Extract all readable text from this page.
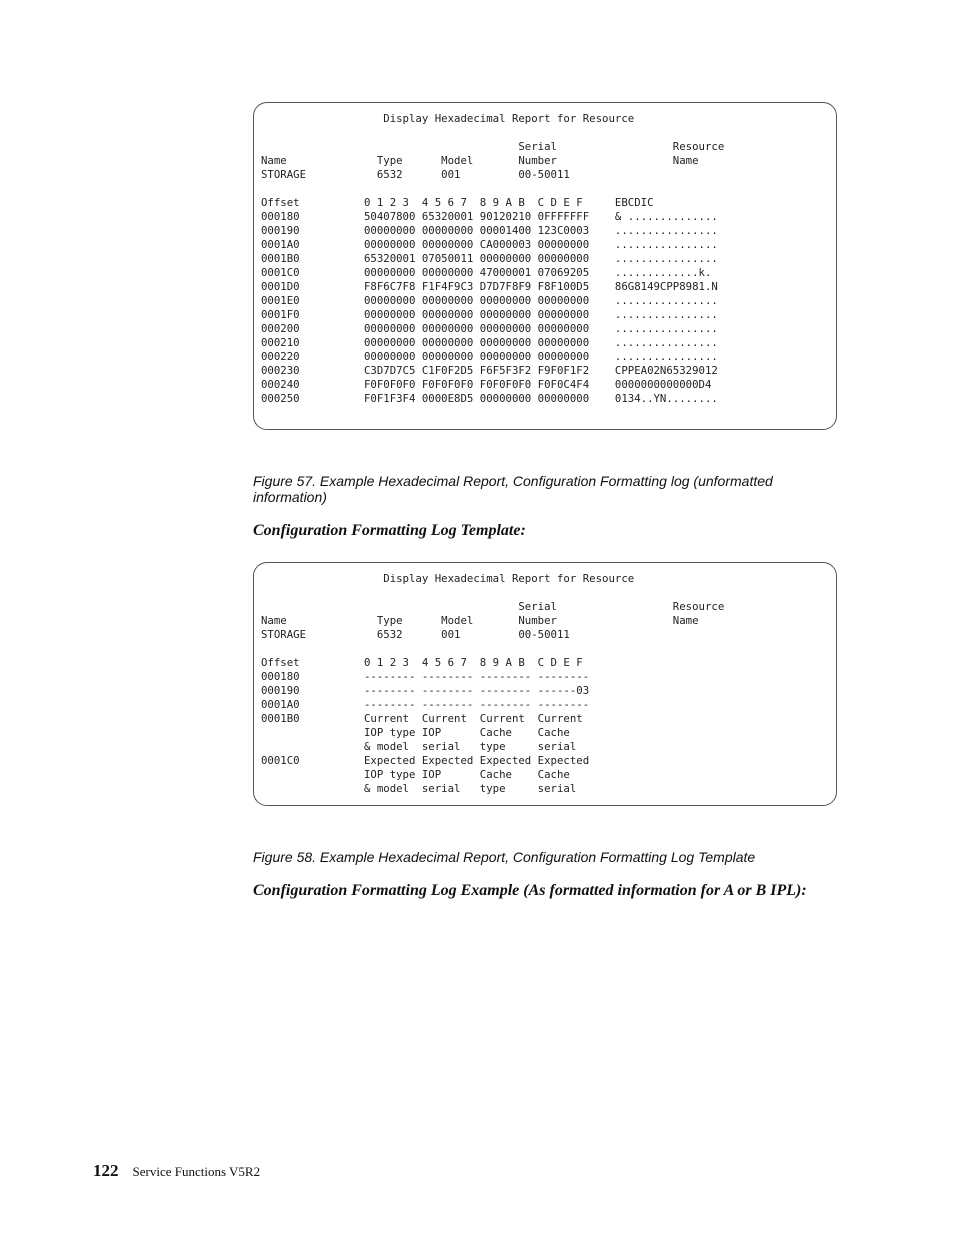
Display Hexadecimal Report for Resource

Serial                  Resource
Name              Type      Model       Number                  Name
STORAGE           6532      001         00-50011

Offset          0 1 2 3  4 5 6 7  8 9 A B  C D E F     EBCDIC
000180          50407800 65320001 90120210 0FFFFFFF    & ..............
000190          00000000 00000000 00001400 123C0003    ................
0001A0          00000000 00000000 CA000003 00000000    ................
0001B0          65320001 07050011 00000000 00000000    ................
0001C0          00000000 00000000 47000001 07069205    .............k.
0001D0          F8F6C7F8 F1F4F9C3 D7D7F8F9 F8F100D5    86G8149CPP8981.N
0001E0          00000000 00000000 00000000 00000000    ................
0001F0          00000000 00000000 00000000 00000000    ................
000200          00000000 00000000 00000000 00000000    ................
000210          00000000 00000000 00000000 00000000    ................
000220          00000000 00000000 00000000 00000000    ................
000230          C3D7D7C5 C1F0F2D5 F6F5F3F2 F9F0F1F2    CPPEA02N65329012
000240          F0F0F0F0 F0F0F0F0 F0F0F0F0 F0F0C4F4    0000000000000D4
000250          F0F1F3F4 0000E8D5 00000000 00000000    0134..YN........
Figure 57. Example Hexadecimal Report, Configuration Formatting log (unformatted information)
Configuration Formatting Log Template:
Display Hexadecimal Report for Resource

Serial                  Resource
Name              Type      Model       Number                  Name
STORAGE           6532      001         00-50011

Offset          0 1 2 3  4 5 6 7  8 9 A B  C D E F
000180          -------- -------- -------- --------
000190          -------- -------- -------- ------03
0001A0          -------- -------- -------- --------
0001B0          Current  Current  Current  Current
IOP type IOP      Cache    Cache
& model  serial   type     serial
0001C0          Expected Expected Expected Expected
IOP type IOP      Cache    Cache
& model  serial   type     serial
Figure 58. Example Hexadecimal Report, Configuration Formatting Log Template
Configuration Formatting Log Example (As formatted information for A or B IPL):
122 Service Functions V5R2
